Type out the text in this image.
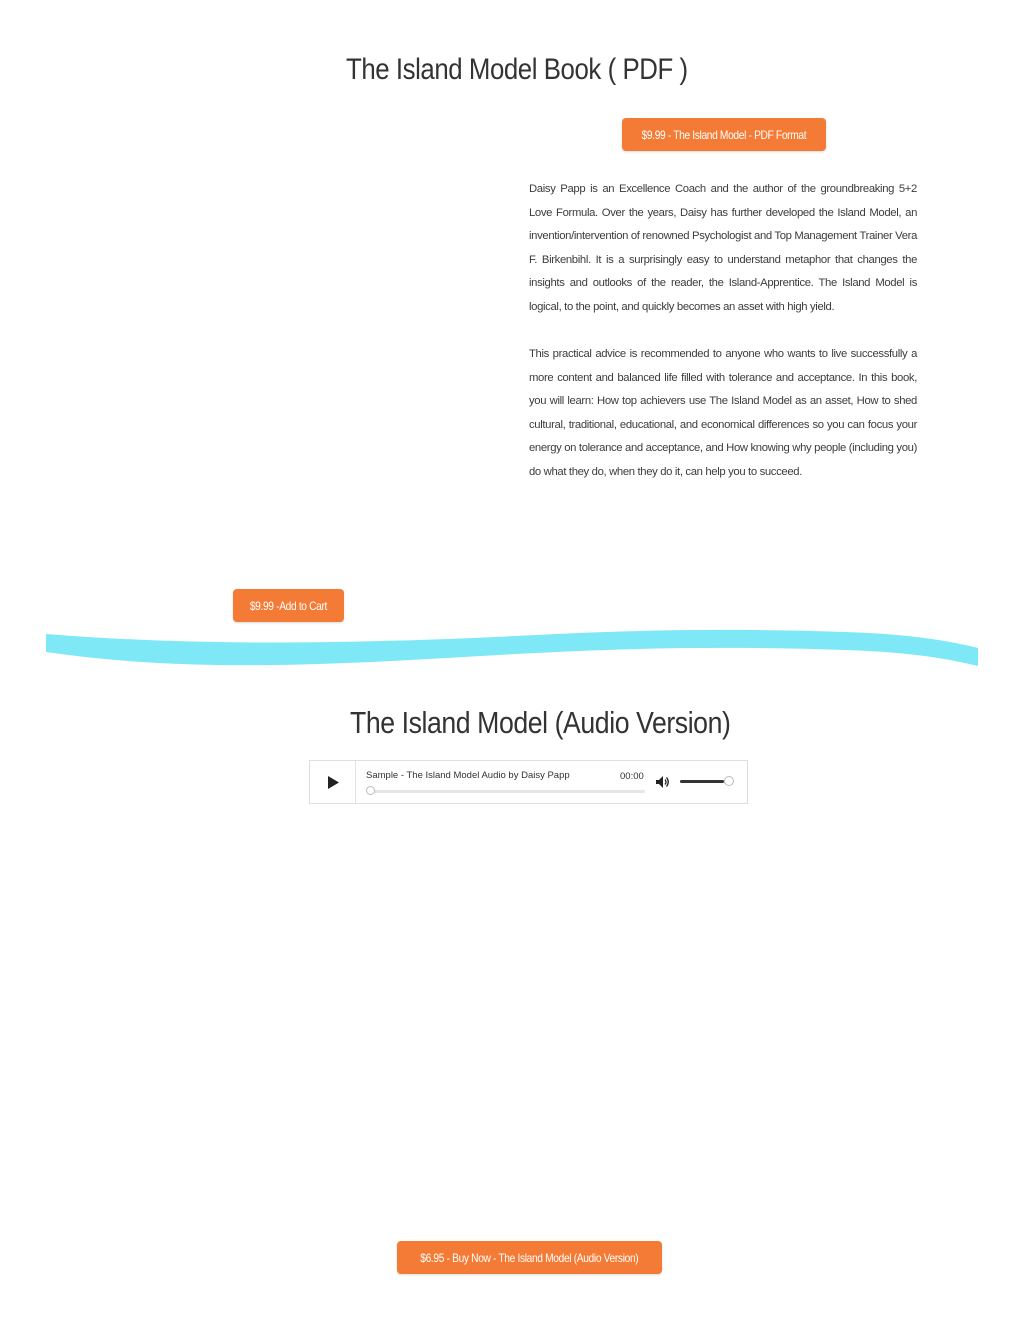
The Island Model Book ( PDF )
$9.99 - The Island Model - PDF Format
Daisy Papp is an Excellence Coach and the author of the groundbreaking 5+2 Love Formula. Over the years, Daisy has further developed the Island Model, an invention/intervention of renowned Psychologist and Top Management Trainer Vera F. Birkenbihl. It is a surprisingly easy to understand metaphor that changes the insights and outlooks of the reader, the Island-Apprentice. The Island Model is logical, to the point, and quickly becomes an asset with high yield.
This practical advice is recommended to anyone who wants to live successfully a more content and balanced life filled with tolerance and acceptance. In this book, you will learn: How top achievers use The Island Model as an asset, How to shed cultural, traditional, educational, and economical differences so you can focus your energy on tolerance and acceptance, and How knowing why people (including you) do what they do, when they do it, can help you to succeed.
$9.99 -Add to Cart
The Island Model (Audio Version)
Sample - The Island Model Audio by Daisy Papp	00:00
$6.95 - Buy Now - The Island Model (Audio Version)
